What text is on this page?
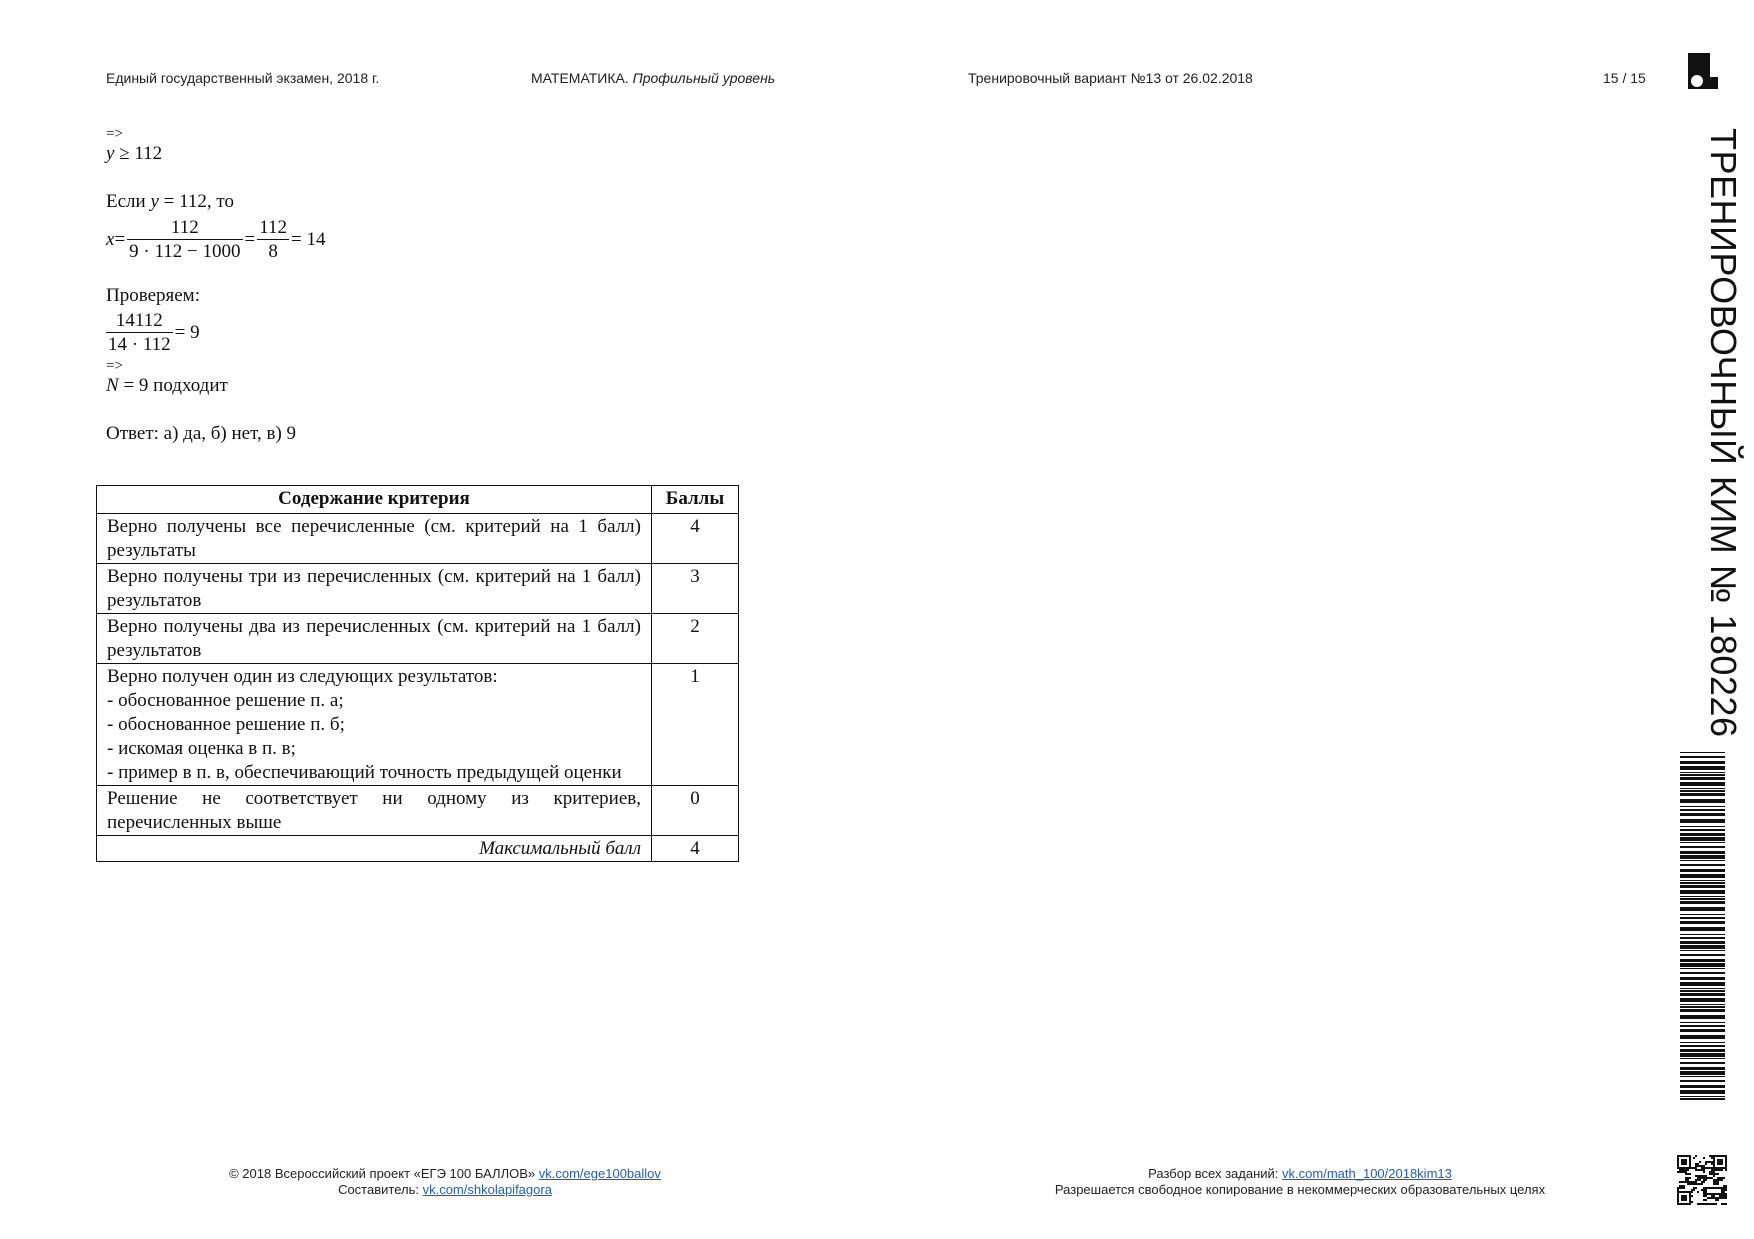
Единый государственный экзамен, 2018 г.	МАТЕМАТИКА. Профильный уровень	Тренировочный вариант №13 от 26.02.2018	15 / 15
ТРЕНИРОВОЧНЫЙ КИМ № 180226
=>
y ≥ 112
Если y = 112, то
$x = \frac{112}{9 \cdot 112 - 1000} = \frac{112}{8} = 14$
Проверяем:
$\frac{14112}{14 \cdot 112} = 9$
=>
N = 9 подходит
Ответ: а) да, б) нет, в) 9
Содержание критерия	Баллы

Верно получены все перечисленные (см. критерий на 1 балл) результаты	4

Верно получены три из перечисленных (см. критерий на 1 балл) результатов	3

Верно получены два из перечисленных (см. критерий на 1 балл) результатов	2

Верно получен один из следующих результатов:
- обоснованное решение п. а;
- обоснованное решение п. б;
- искомая оценка в п. в;
- пример в п. в, обеспечивающий точность предыдущей оценки	1

Решение не соответствует ни одному из критериев, перечисленных выше	0
Максимальный балл	4
© 2018 Всероссийский проект «ЕГЭ 100 БАЛЛОВ» vk.com/ege100ballov
Составитель: vk.com/shkolapifagora
Разбор всех заданий: vk.com/math_100/2018kim13
Разрешается свободное копирование в некоммерческих образовательных целях
